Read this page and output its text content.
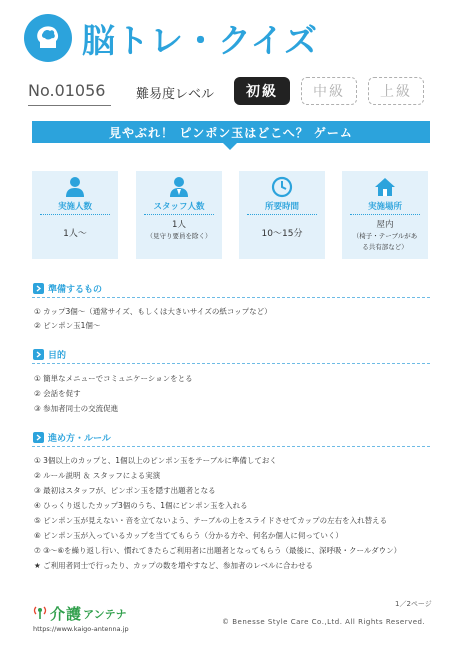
脳トレ・クイズ
No.01056	難易度レベル	初級	中級	上級
見やぶれ！ ピンポン玉はどこへ？ ゲーム
実施人数
1人〜
スタッフ人数
1人
（見守り要員を除く）
所要時間
10〜15分
実施場所
屋内
（椅子・テーブルがある共有部など）
準備するもの
① カップ3個〜（通常サイズ、もしくは大きいサイズの紙コップなど）
② ピンポン玉1個〜
目的
① 簡単なメニューでコミュニケーションをとる
② 会話を促す
③ 参加者同士の交流促進
進め方・ルール
① 3個以上のカップと、1個以上のピンポン玉をテーブルに準備しておく
② ルール説明 ＆ スタッフによる実演
③ 最初はスタッフが、ピンポン玉を隠す出題者となる
④ ひっくり返したカップ3個のうち、1個にピンポン玉を入れる
⑤ ピンポン玉が見えない・音を立てないよう、テーブルの上をスライドさせてカップの左右を入れ替える
⑥ ピンポン玉が入っているカップを当ててもらう（分かる方や、何名か個人に伺っていく）
⑦ ③〜⑥を繰り返し行い、慣れてきたらご利用者に出題者となってもらう（最後に、深呼吸・クールダウン）
★ ご利用者同士で行ったり、カップの数を増やすなど、参加者のレベルに合わせる
1／2ページ
介護 アンテナ
https://www.kaigo-antenna.jp
© Benesse Style Care Co.,Ltd. All Rights Reserved.
